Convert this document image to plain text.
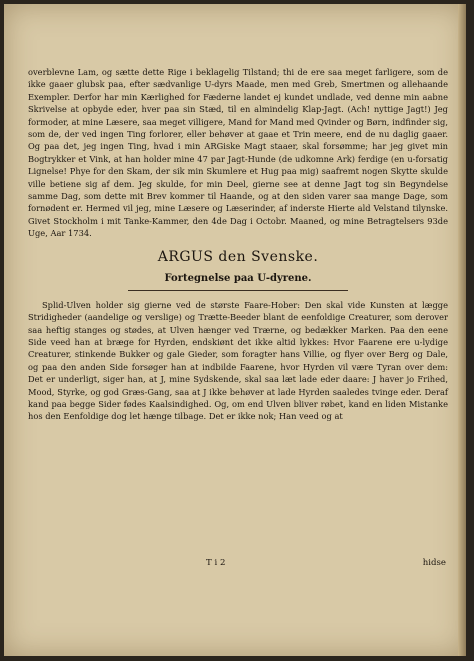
overblevne Lam, og sætte dette Rige i beklagelig Tilstand; thi de ere saa meget farligere, som de ikke gaaer glubsk paa, efter sædvanlige U-dyrs Maade, men med Greb, Smertmen og allehaande Exempler. Derfor har min Kærlighed for Fæderne landet ej kundet undlade, ved denne min aabne Skrivelse at opbyde eder, hver paa sin Stæd, til en almindelig Klap-Jagt. (Ach! nyttige Jagt!) Jeg formoder, at mine Læsere, saa meget villigere, Mand for Mand med Qvinder og Børn, indfinder sig, som de, der ved ingen Ting forlorer, eller behøver at gaae et Trin meere, end de nu daglig gaaer. Og paa det, jeg ingen Ting, hvad i min ARGiske Magt staaer, skal forsømme; har jeg givet min Bogtrykker et Vink, at han holder mine 47 par Jagt-Hunde (de udkomne Ark) ferdige (en u-forsatig Lignelse! Phye for den Skam, der sik min Skumlere et Hug paa mig) saafremt nogen Skytte skulde ville betiene sig af dem. Jeg skulde, for min Deel, gierne see at denne Jagt tog sin Begyndelse samme Dag, som dette mit Brev kommer til Haande, og at den siden varer saa mange Dage, som fornødent er. Hermed vil jeg, mine Læsere og Læserinder, af inderste Hierte ald Velstand tilynske. Givet Stockholm i mit Tanke-Kammer, den 4de Dag i Octobr. Maaned, og mine Betragtelsers 93de Uge, Aar 1734.

ARGUS den Svenske.
Fortegnelse paa U-dyrene.

Splid-Ulven holder sig gierne ved de største Faare-Hober: Den skal vide Kunsten at lægge Stridigheder (aandelige og verslige) og Trætte-Beeder blant de eenfoldige Creaturer, som derover saa heftig stanges og stødes, at Ulven hænger ved Trærne, og bedækker Marken. Paa den eene Side veed han at bræge for Hyrden, endskiønt det ikke altid lykkes: Hvor Faarene ere u-lydige Creaturer, stinkende Bukker og gale Gieder, som foragter hans Villie, og flyer over Berg og Dale, og paa den anden Side forsøger han at indbilde Faarene, hvor Hyrden vil være Tyran over dem: Det er underligt, siger han, at J, mine Sydskende, skal saa læt lade eder daare: J haver jo Frihed, Mood, Styrke, og god Græs-Gang, saa at J ikke behøver at lade Hyrden saaledes tvinge eder. Deraf kand paa begge Sider fødes Kaalsindighed. Og, om end Ulven bliver røbet, kand en liden Mistanke hos den Eenfoldige dog let hænge tilbage. Det er ikke nok; Han veed og at

T i 2	hidse
